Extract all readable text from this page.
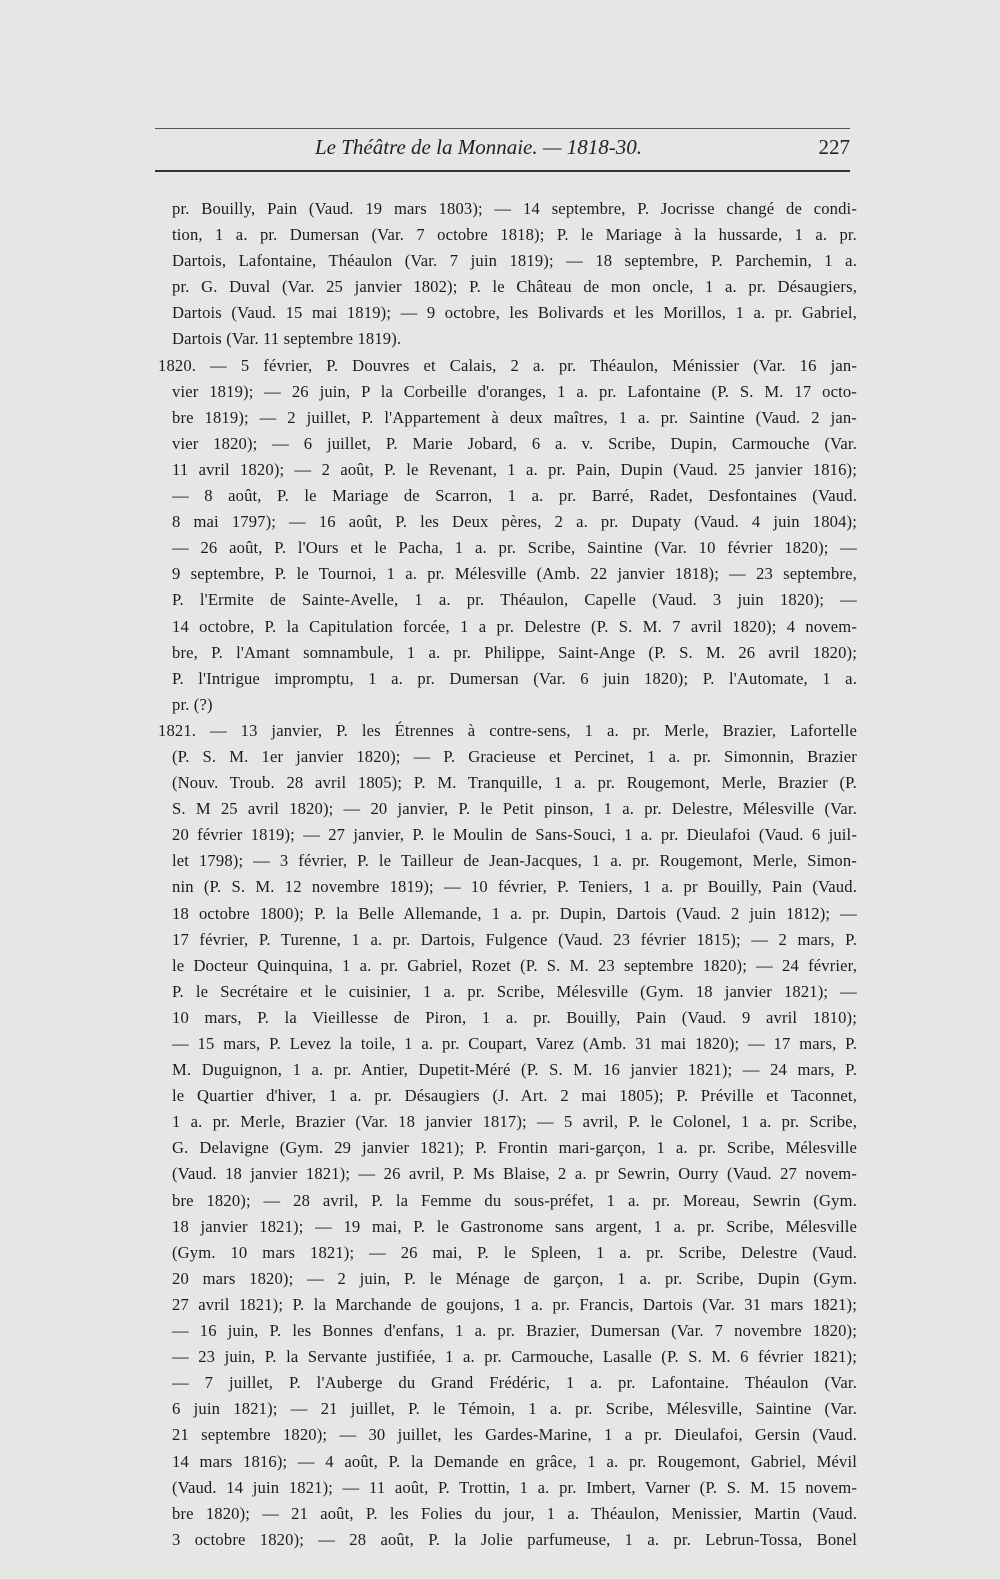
Le Théâtre de la Monnaie. — 1818-30.	227
pr. Bouilly, Pain (Vaud. 19 mars 1803); — 14 septembre, P. Jocrisse changé de condi-
tion, 1 a. pr. Dumersan (Var. 7 octobre 1818); P. le Mariage à la hussarde, 1 a. pr.
Dartois, Lafontaine, Théaulon (Var. 7 juin 1819); — 18 septembre, P. Parchemin, 1 a.
pr. G. Duval (Var. 25 janvier 1802); P. le Château de mon oncle, 1 a. pr. Désaugiers,
Dartois (Vaud. 15 mai 1819); — 9 octobre, les Bolivards et les Morillos, 1 a. pr. Gabriel,
Dartois (Var. 11 septembre 1819).
1820. — 5 février, P. Douvres et Calais, 2 a. pr. Théaulon, Ménissier (Var. 16 jan-
vier 1819); — 26 juin, P la Corbeille d'oranges, 1 a. pr. Lafontaine (P. S. M. 17 octo-
bre 1819); — 2 juillet, P. l'Appartement à deux maîtres, 1 a. pr. Saintine (Vaud. 2 jan-
vier 1820); — 6 juillet, P. Marie Jobard, 6 a. v. Scribe, Dupin, Carmouche (Var.
11 avril 1820); — 2 août, P. le Revenant, 1 a. pr. Pain, Dupin (Vaud. 25 janvier 1816);
— 8 août, P. le Mariage de Scarron, 1 a. pr. Barré, Radet, Desfontaines (Vaud.
8 mai 1797); — 16 août, P. les Deux pères, 2 a. pr. Dupaty (Vaud. 4 juin 1804);
— 26 août, P. l'Ours et le Pacha, 1 a. pr. Scribe, Saintine (Var. 10 février 1820); —
9 septembre, P. le Tournoi, 1 a. pr. Mélesville (Amb. 22 janvier 1818); — 23 septembre,
P. l'Ermite de Sainte-Avelle, 1 a. pr. Théaulon, Capelle (Vaud. 3 juin 1820); —
14 octobre, P. la Capitulation forcée, 1 a pr. Delestre (P. S. M. 7 avril 1820); 4 novem-
bre, P. l'Amant somnambule, 1 a. pr. Philippe, Saint-Ange (P. S. M. 26 avril 1820);
P. l'Intrigue impromptu, 1 a. pr. Dumersan (Var. 6 juin 1820); P. l'Automate, 1 a.
pr. (?)
1821. — 13 janvier, P. les Étrennes à contre-sens, 1 a. pr. Merle, Brazier, Lafortelle
(P. S. M. 1er janvier 1820); — P. Gracieuse et Percinet, 1 a. pr. Simonnin, Brazier
(Nouv. Troub. 28 avril 1805); P. M. Tranquille, 1 a. pr. Rougemont, Merle, Brazier (P.
S. M 25 avril 1820); — 20 janvier, P. le Petit pinson, 1 a. pr. Delestre, Mélesville (Var.
20 février 1819); — 27 janvier, P. le Moulin de Sans-Souci, 1 a. pr. Dieulafoi (Vaud. 6 juil-
let 1798); — 3 février, P. le Tailleur de Jean-Jacques, 1 a. pr. Rougemont, Merle, Simon-
nin (P. S. M. 12 novembre 1819); — 10 février, P. Teniers, 1 a. pr Bouilly, Pain (Vaud.
18 octobre 1800); P. la Belle Allemande, 1 a. pr. Dupin, Dartois (Vaud. 2 juin 1812); —
17 février, P. Turenne, 1 a. pr. Dartois, Fulgence (Vaud. 23 février 1815); — 2 mars, P.
le Docteur Quinquina, 1 a. pr. Gabriel, Rozet (P. S. M. 23 septembre 1820); — 24 février,
P. le Secrétaire et le cuisinier, 1 a. pr. Scribe, Mélesville (Gym. 18 janvier 1821); —
10 mars, P. la Vieillesse de Piron, 1 a. pr. Bouilly, Pain (Vaud. 9 avril 1810);
— 15 mars, P. Levez la toile, 1 a. pr. Coupart, Varez (Amb. 31 mai 1820); — 17 mars, P.
M. Duguignon, 1 a. pr. Antier, Dupetit-Méré (P. S. M. 16 janvier 1821); — 24 mars, P.
le Quartier d'hiver, 1 a. pr. Désaugiers (J. Art. 2 mai 1805); P. Préville et Taconnet,
1 a. pr. Merle, Brazier (Var. 18 janvier 1817); — 5 avril, P. le Colonel, 1 a. pr. Scribe,
G. Delavigne (Gym. 29 janvier 1821); P. Frontin mari-garçon, 1 a. pr. Scribe, Mélesville
(Vaud. 18 janvier 1821); — 26 avril, P. Ms Blaise, 2 a. pr Sewrin, Ourry (Vaud. 27 novem-
bre 1820); — 28 avril, P. la Femme du sous-préfet, 1 a. pr. Moreau, Sewrin (Gym.
18 janvier 1821); — 19 mai, P. le Gastronome sans argent, 1 a. pr. Scribe, Mélesville
(Gym. 10 mars 1821); — 26 mai, P. le Spleen, 1 a. pr. Scribe, Delestre (Vaud.
20 mars 1820); — 2 juin, P. le Ménage de garçon, 1 a. pr. Scribe, Dupin (Gym.
27 avril 1821); P. la Marchande de goujons, 1 a. pr. Francis, Dartois (Var. 31 mars 1821);
— 16 juin, P. les Bonnes d'enfans, 1 a. pr. Brazier, Dumersan (Var. 7 novembre 1820);
— 23 juin, P. la Servante justifiée, 1 a. pr. Carmouche, Lasalle (P. S. M. 6 février 1821);
— 7 juillet, P. l'Auberge du Grand Frédéric, 1 a. pr. Lafontaine. Théaulon (Var.
6 juin 1821); — 21 juillet, P. le Témoin, 1 a. pr. Scribe, Mélesville, Saintine (Var.
21 septembre 1820); — 30 juillet, les Gardes-Marine, 1 a pr. Dieulafoi, Gersin (Vaud.
14 mars 1816); — 4 août, P. la Demande en grâce, 1 a. pr. Rougemont, Gabriel, Mévil
(Vaud. 14 juin 1821); — 11 août, P. Trottin, 1 a. pr. Imbert, Varner (P. S. M. 15 novem-
bre 1820); — 21 août, P. les Folies du jour, 1 a. Théaulon, Menissier, Martin (Vaud.
3 octobre 1820); — 28 août, P. la Jolie parfumeuse, 1 a. pr. Lebrun-Tossa, Bonel
